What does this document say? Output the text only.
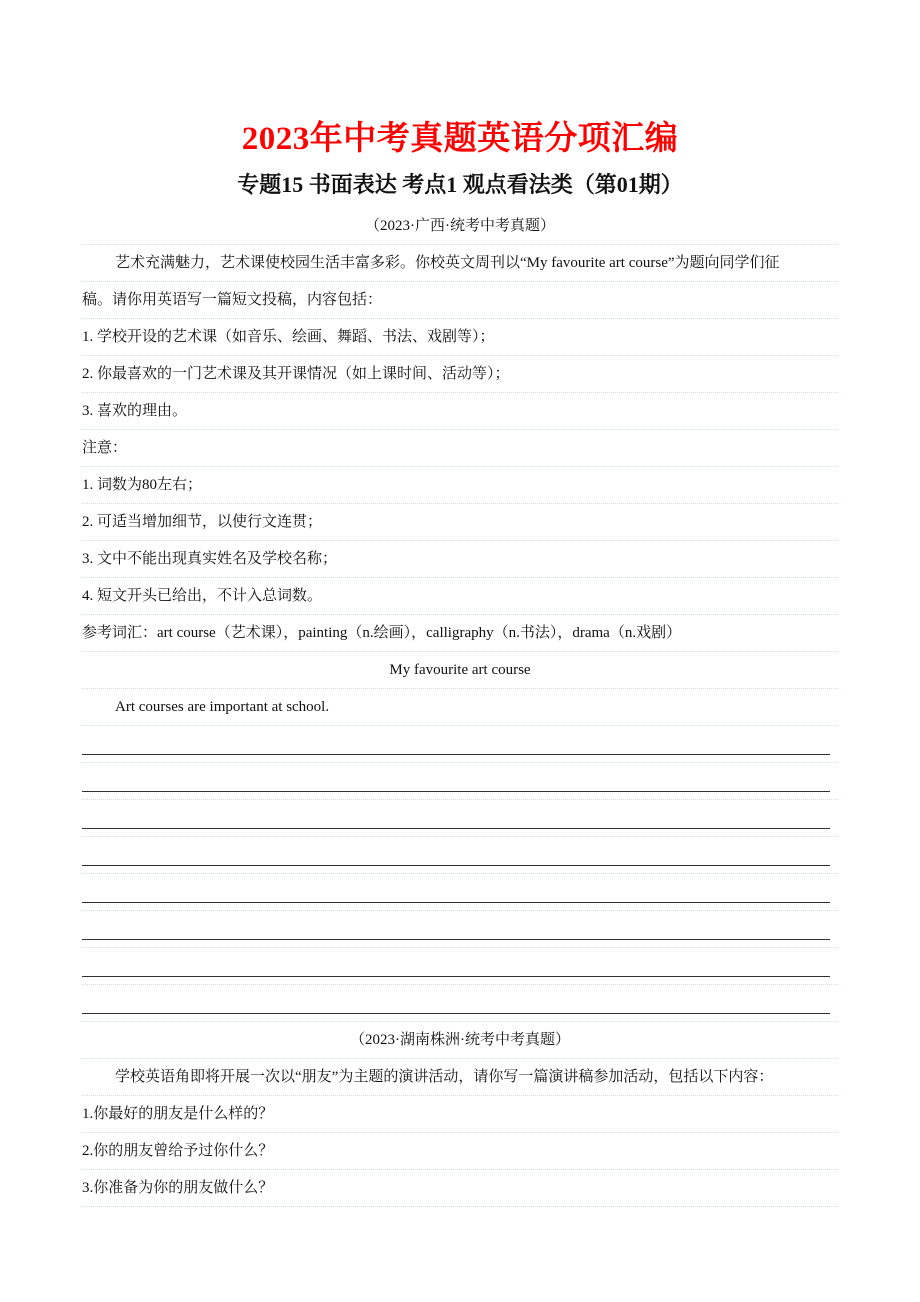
2023年中考真题英语分项汇编
专题15 书面表达 考点1 观点看法类（第01期）
（2023·广西·统考中考真题）
艺术充满魅力，艺术课使校园生活丰富多彩。你校英文周刊以“My favourite art course”为题向同学们征
稿。请你用英语写一篇短文投稿，内容包括：
1. 学校开设的艺术课（如音乐、绘画、舞蹈、书法、戏剧等）；
2. 你最喜欢的一门艺术课及其开课情况（如上课时间、活动等）；
3. 喜欢的理由。
注意：
1. 词数为80左右；
2. 可适当增加细节，以使行文连贯；
3. 文中不能出现真实姓名及学校名称；
4. 短文开头已给出，不计入总词数。
参考词汇：art course（艺术课），painting（n.绘画），calligraphy（n.书法），drama（n.戏剧）
My favourite art course
Art courses are important at school.
（2023·湖南株洲·统考中考真题）
学校英语角即将开展一次以“朋友”为主题的演讲活动，请你写一篇演讲稿参加活动，包括以下内容：
1.你最好的朋友是什么样的？
2.你的朋友曾给予过你什么？
3.你准备为你的朋友做什么？
